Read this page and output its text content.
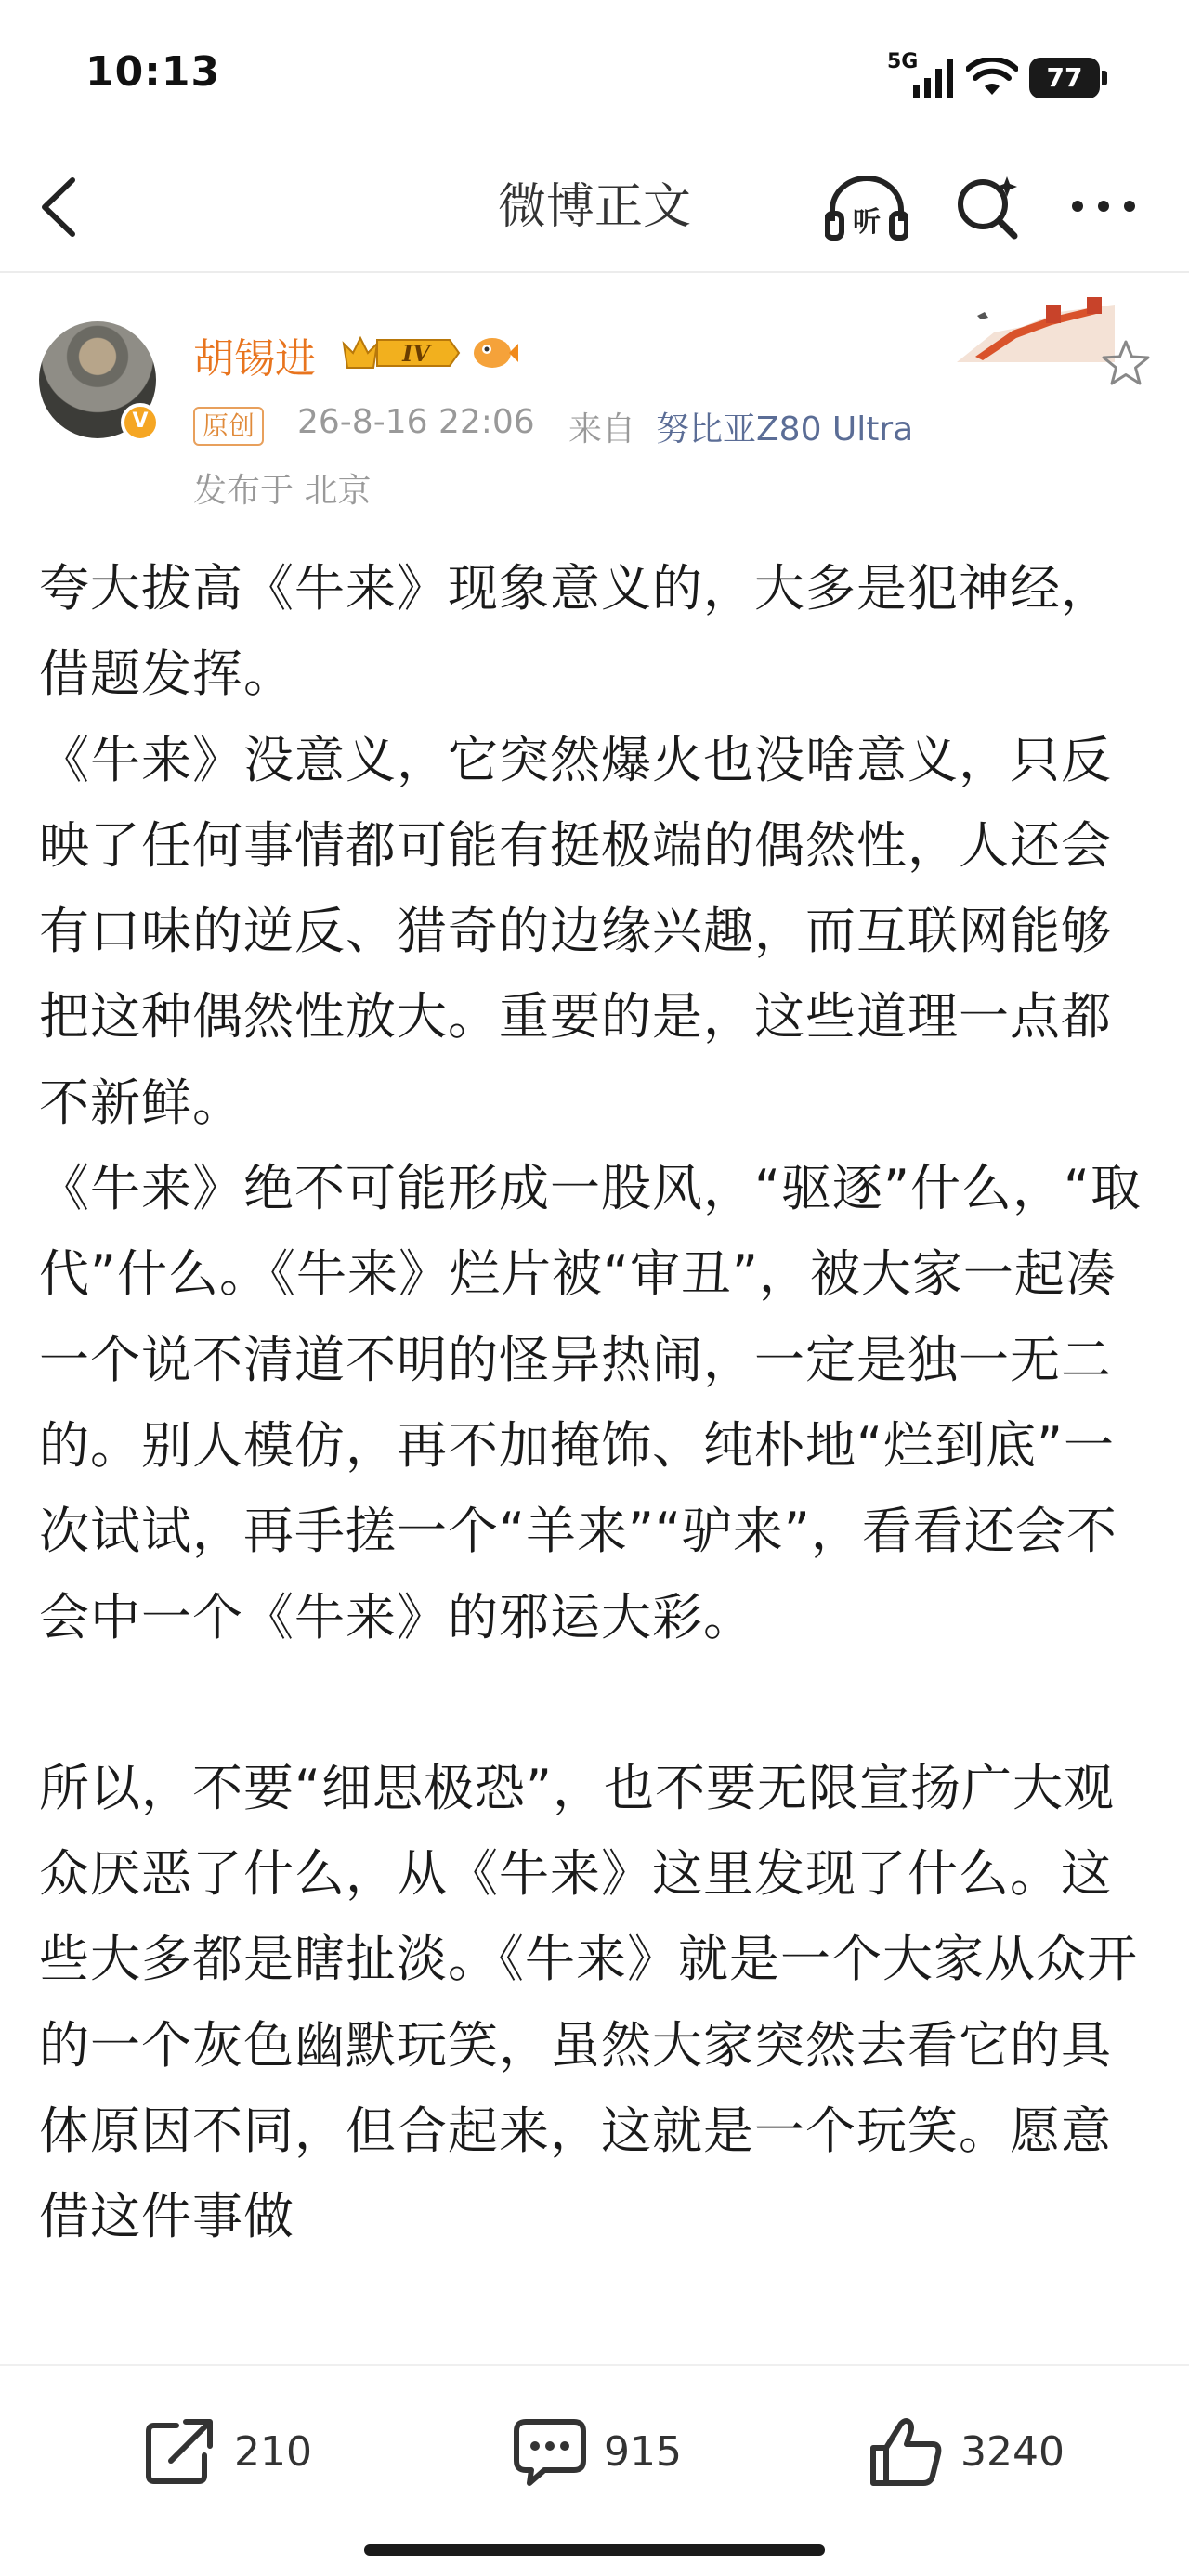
10:13	5G
77
微博正文	听
V
胡锡进	IV
原创 26-8-16 22:06 来自 努比亚Z80 Ultra
发布于 北京

夸大拔高《牛来》现象意义的，大多是犯神经，借题发挥。

《牛来》没意义，它突然爆火也没啥意义，只反映了任何事情都可能有挺极端的偶然性，人还会有口味的逆反、猎奇的边缘兴趣，而互联网能够把这种偶然性放大。重要的是，这些道理一点都不新鲜。

《牛来》绝不可能形成一股风，“驱逐”什么，“取代”什么。《牛来》烂片被“审丑”，被大家一起凑一个说不清道不明的怪异热闹，一定是独一无二的。别人模仿，再不加掩饰、纯朴地“烂到底”一次试试，再手搓一个“羊来”“驴来”，看看还会不会中一个《牛来》的邪运大彩。

所以，不要“细思极恐”，也不要无限宣扬广大观众厌恶了什么，从《牛来》这里发现了什么。这些大多都是瞎扯淡。《牛来》就是一个大家从众开的一个灰色幽默玩笑，虽然大家突然去看它的具体原因不同，但合起来，这就是一个玩笑。愿意借这件事做

210	915	3240
